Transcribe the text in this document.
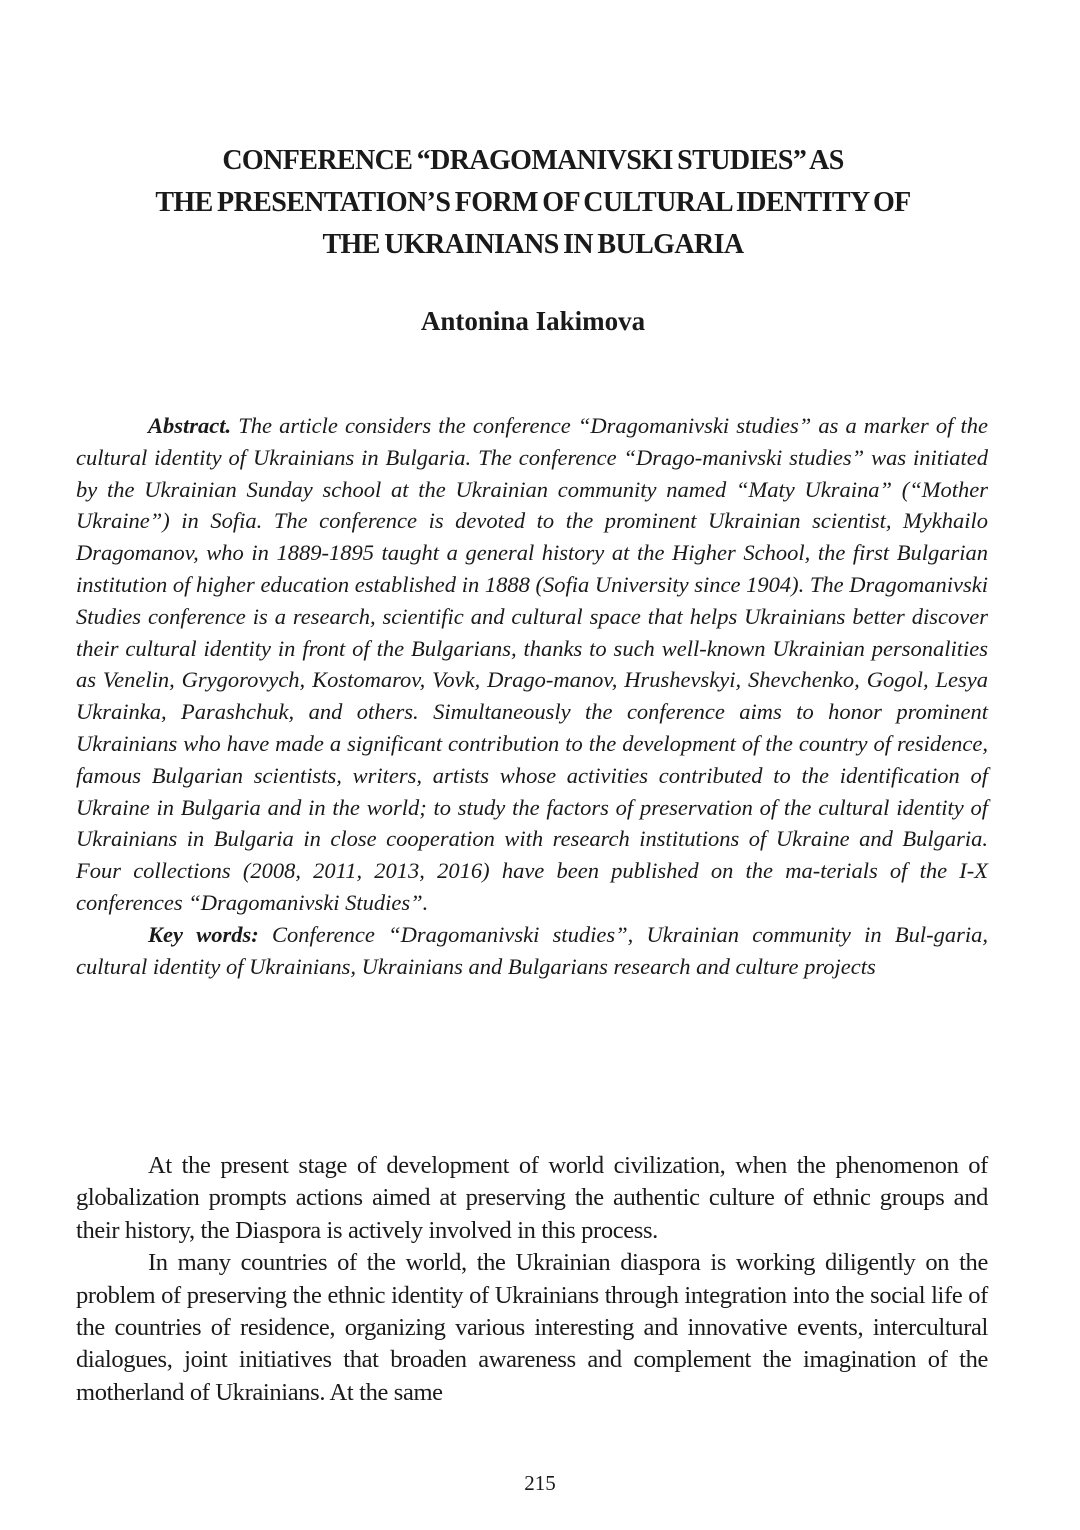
CONFERENCE “DRAGOMANIVSKI STUDIES” AS
THE PRESENTATION’S FORM OF CULTURAL IDENTITY OF
THE UKRAINIANS IN BULGARIA
Antonina Iakimova

Abstract. The article considers the conference “Dragomanivski studies” as a marker of the cultural identity of Ukrainians in Bulgaria. The conference “Drago-manivski studies” was initiated by the Ukrainian Sunday school at the Ukrainian community named “Maty Ukraina” (“Mother Ukraine”) in Sofia. The conference is devoted to the prominent Ukrainian scientist, Mykhailo Dragomanov, who in 1889-1895 taught a general history at the Higher School, the first Bulgarian institution of higher education established in 1888 (Sofia University since 1904). The Dragomanivski Studies conference is a research, scientific and cultural space that helps Ukrainians better discover their cultural identity in front of the Bulgarians, thanks to such well-known Ukrainian personalities as Venelin, Grygorovych, Kostomarov, Vovk, Drago-manov, Hrushevskyi, Shevchenko, Gogol, Lesya Ukrainka, Parashchuk, and others. Simultaneously the conference aims to honor prominent Ukrainians who have made a significant contribution to the development of the country of residence, famous Bulgarian scientists, writers, artists whose activities contributed to the identification of Ukraine in Bulgaria and in the world; to study the factors of preservation of the cultural identity of Ukrainians in Bulgaria in close cooperation with research institutions of Ukraine and Bulgaria. Four collections (2008, 2011, 2013, 2016) have been published on the ma-terials of the I-X conferences “Dragomanivski Studies”.

Key words: Conference “Dragomanivski studies”, Ukrainian community in Bul-garia, cultural identity of Ukrainians, Ukrainians and Bulgarians research and culture projects

At the present stage of development of world civilization, when the phenomenon of globalization prompts actions aimed at preserving the authentic culture of ethnic groups and their history, the Diaspora is actively involved in this process.

In many countries of the world, the Ukrainian diaspora is working diligently on the problem of preserving the ethnic identity of Ukrainians through integration into the social life of the countries of residence, organizing various interesting and innovative events, intercultural dialogues, joint initiatives that broaden awareness and complement the imagination of the motherland of Ukrainians. At the same

215
